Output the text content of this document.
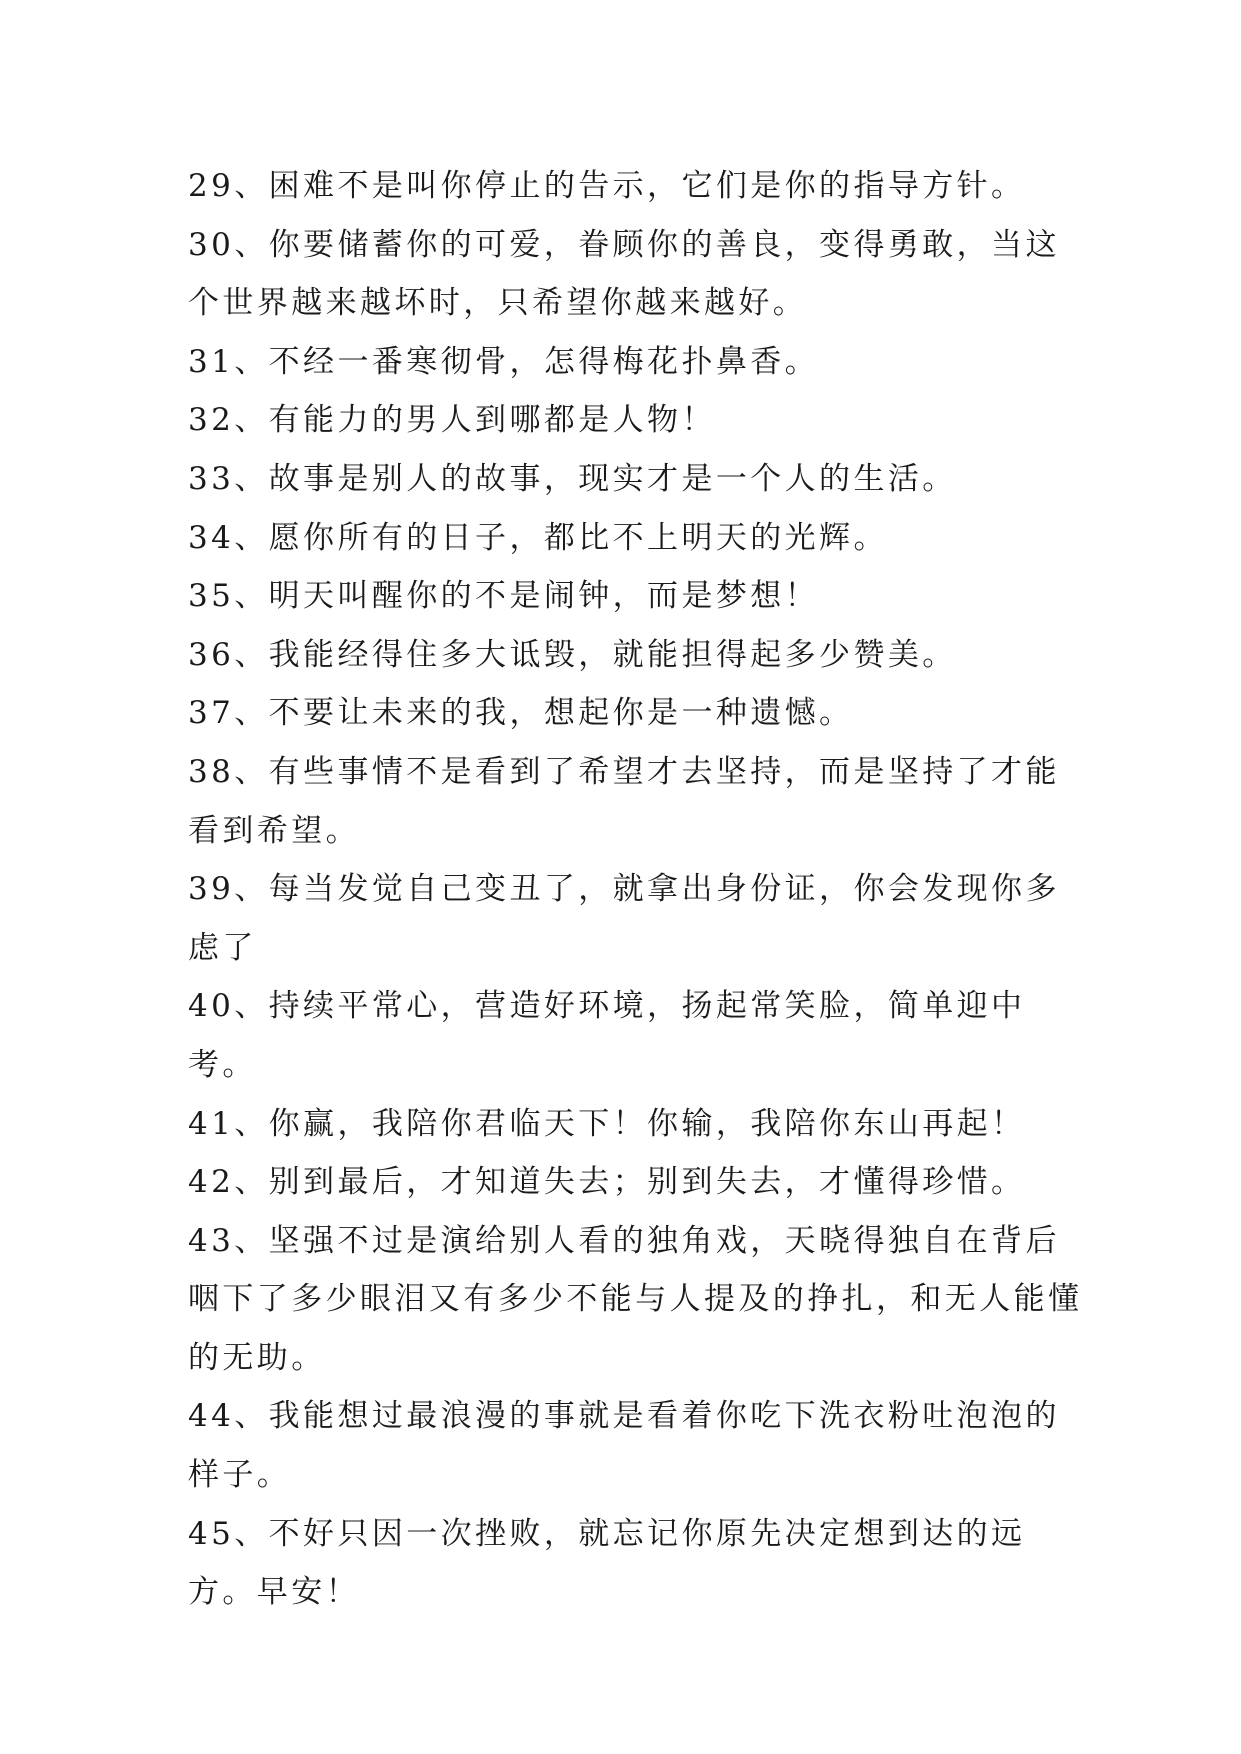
29、困难不是叫你停止的告示，它们是你的指导方针。

30、你要储蓄你的可爱，眷顾你的善良，变得勇敢，当这个世界越来越坏时，只希望你越来越好。

31、不经一番寒彻骨，怎得梅花扑鼻香。

32、有能力的男人到哪都是人物！

33、故事是别人的故事，现实才是一个人的生活。

34、愿你所有的日子，都比不上明天的光辉。

35、明天叫醒你的不是闹钟，而是梦想！

36、我能经得住多大诋毁，就能担得起多少赞美。

37、不要让未来的我，想起你是一种遗憾。

38、有些事情不是看到了希望才去坚持，而是坚持了才能看到希望。

39、每当发觉自己变丑了，就拿出身份证，你会发现你多虑了

40、持续平常心，营造好环境，扬起常笑脸，简单迎中考。

41、你赢，我陪你君临天下！你输，我陪你东山再起！

42、别到最后，才知道失去；别到失去，才懂得珍惜。

43、坚强不过是演给别人看的独角戏，天晓得独自在背后咽下了多少眼泪又有多少不能与人提及的挣扎，和无人能懂的无助。

44、我能想过最浪漫的事就是看着你吃下洗衣粉吐泡泡的样子。

45、不好只因一次挫败，就忘记你原先决定想到达的远方。早安！
